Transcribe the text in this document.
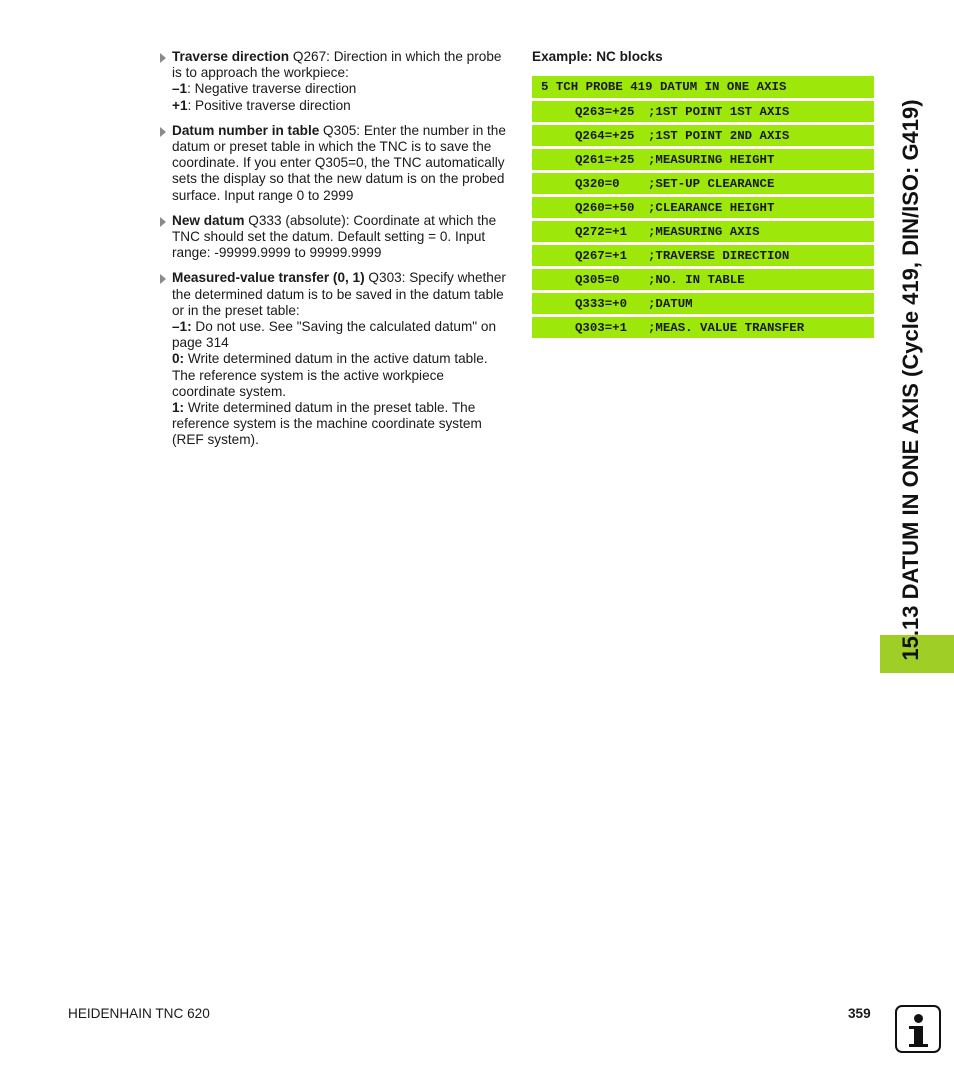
Traverse direction Q267: Direction in which the probe is to approach the workpiece:

–1: Negative traverse direction

+1: Positive traverse direction

Datum number in table Q305: Enter the number in the datum or preset table in which the TNC is to save the coordinate. If you enter Q305=0, the TNC automatically sets the display so that the new datum is on the probed surface. Input range 0 to 2999

New datum Q333 (absolute): Coordinate at which the TNC should set the datum. Default setting = 0. Input range: -99999.9999 to 99999.9999

Measured-value transfer (0, 1) Q303: Specify whether the determined datum is to be saved in the datum table or in the preset table:

–1: Do not use. See "Saving the calculated datum" on page 314

0: Write determined datum in the active datum table. The reference system is the active workpiece coordinate system.

1: Write determined datum in the preset table. The reference system is the machine coordinate system (REF system).

Example: NC blocks
5 TCH PROBE 419 DATUM IN ONE AXIS
Q263=+25	;1ST POINT 1ST AXIS
Q264=+25	;1ST POINT 2ND AXIS
Q261=+25	;MEASURING HEIGHT
Q320=0	;SET-UP CLEARANCE
Q260=+50	;CLEARANCE HEIGHT
Q272=+1	;MEASURING AXIS
Q267=+1	;TRAVERSE DIRECTION
Q305=0	;NO. IN TABLE
Q333=+0	;DATUM
Q303=+1	;MEAS. VALUE TRANSFER	15.13 DATUM IN ONE AXIS (Cycle 419, DIN/ISO: G419)
HEIDENHAIN TNC 620	359
